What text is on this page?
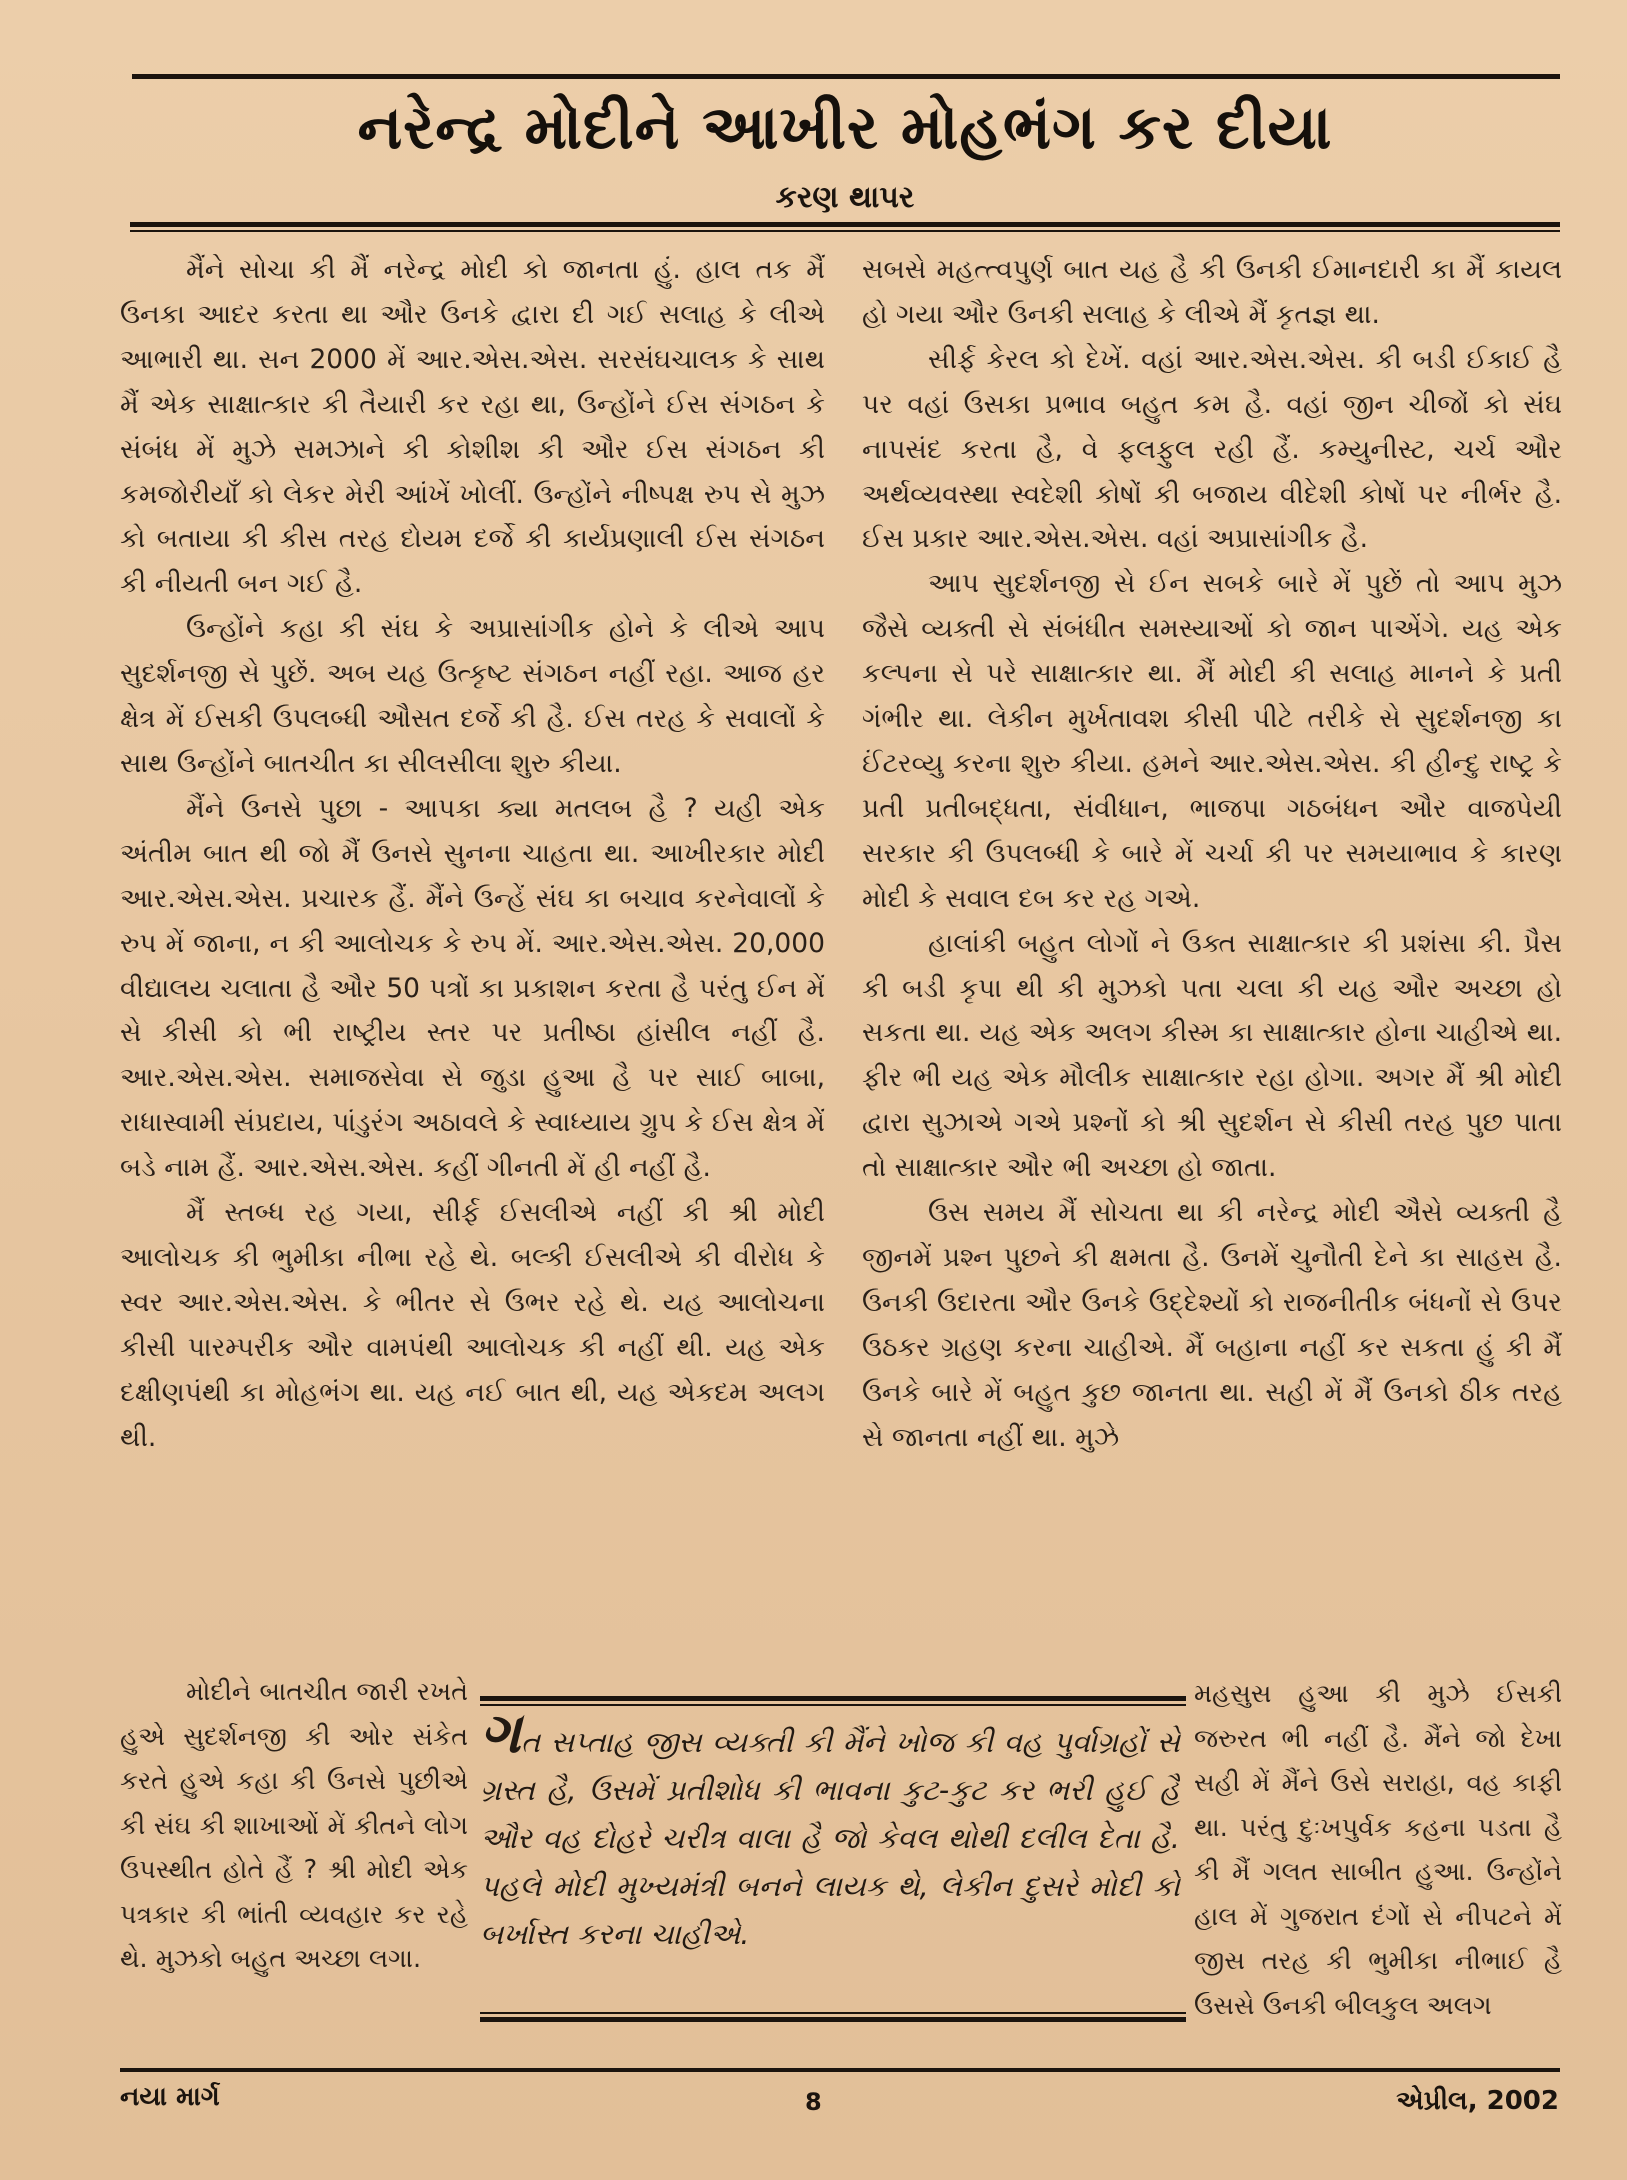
નરેન્દ્ર મોદીને આખીર મોહભંગ કર દીયા
કરણ થાપર

મૈંને સોચા કી મૈં નરેન્દ્ર મોદી કો જાનતા હું. હાલ તક મૈં ઉનકા આદર કરતા થા ઔર ઉનકે દ્વારા દી ગઈ સલાહ કે લીએ આભારી થા. સન 2000 મેં આર.એસ.એસ. સરસંઘચાલક કે સાથ મૈં એક સાક્ષાત્કાર કી તૈયારી કર રહા થા, ઉન્હોંને ઈસ સંગઠન કે સંબંધ મેં મુઝે સમઝાને કી કોશીશ કી ઔર ઈસ સંગઠન કી કમજોરીયાઁ કો લેકર મેરી આંખેં ખોલીં. ઉન્હોંને નીષ્પક્ષ રુપ સે મુઝ કો બતાયા કી કીસ તરહ દોયમ દર્જે કી કાર્યપ્રણાલી ઈસ સંગઠન કી નીયતી બન ગઈ હૈ.

ઉન્હોંને કહા કી સંઘ કે અપ્રાસાંગીક હોને કે લીએ આપ સુદર્શનજી સે પુછેં. અબ યહ ઉત્કૃષ્ટ સંગઠન નહીં રહા. આજ હર ક્ષેત્ર મેં ઈસકી ઉપલબ્ધી ઔસત દર્જે કી હૈ. ઈસ તરહ કે સવાલોં કે સાથ ઉન્હોંને બાતચીત કા સીલસીલા શુરુ કીયા.

મૈંને ઉનસે પુછા - આપકા ક્યા મતલબ હૈ ? યહી એક અંતીમ બાત થી જો મૈં ઉનસે સુનના ચાહતા થા. આખીરકાર મોદી આર.એસ.એસ. પ્રચારક હૈં. મૈંને ઉન્હેં સંઘ કા બચાવ કરનેવાલોં કે રુપ મેં જાના, ન કી આલોચક કે રુપ મેં. આર.એસ.એસ. 20,000 વીદ્યાલય ચલાતા હૈ ઔર 50 પત્રોં કા પ્રકાશન કરતા હૈ પરંતુ ઈન મેં સે કીસી કો ભી રાષ્ટ્રીય સ્તર પર પ્રતીષ્ઠા હાંસીલ નહીં હૈ. આર.એસ.એસ. સમાજસેવા સે જુડા હુઆ હૈ પર સાઈ બાબા, રાધાસ્વામી સંપ્રદાય, પાંડુરંગ અઠાવલે કે સ્વાધ્યાય ગ્રુપ કે ઈસ ક્ષેત્ર મેં બડે નામ હૈં. આર.એસ.એસ. કહીં ગીનતી મેં હી નહીં હૈ.

મૈં સ્તબ્ધ રહ ગયા, સીર્ફ ઈસલીએ નહીં કી શ્રી મોદી આલોચક કી ભુમીકા નીભા રહે થે. બલ્કી ઈસલીએ કી વીરોધ કે સ્વર આર.એસ.એસ. કે ભીતર સે ઉભર રહે થે. યહ આલોચના કીસી પારમ્પરીક ઔર વામપંથી આલોચક કી નહીં થી. યહ એક દક્ષીણપંથી કા મોહભંગ થા. યહ નઈ બાત થી, યહ એકદમ અલગ થી.

સબસે મહત્ત્વપુર્ણ બાત યહ હૈ કી ઉનકી ઈમાનદારી કા મૈં કાયલ હો ગયા ઔર ઉનકી સલાહ કે લીએ મૈં કૃતજ્ઞ થા.

સીર્ફ કેરલ કો દેખેં. વહાં આર.એસ.એસ. કી બડી ઈકાઈ હૈ પર વહાં ઉસકા પ્રભાવ બહુત કમ હૈ. વહાં જીન ચીજોં કો સંઘ નાપસંદ કરતા હૈ, વે ફલફુલ રહી હૈં. કમ્યુનીસ્ટ, ચર્ચ ઔર અર્થવ્યવસ્થા સ્વદેશી કોષોં કી બજાય વીદેશી કોષોં પર નીર્ભર હૈ. ઈસ પ્રકાર આર.એસ.એસ. વહાં અપ્રાસાંગીક હૈ.

આપ સુદર્શનજી સે ઈન સબકે બારે મેં પુછેં તો આપ મુઝ જૈસે વ્યક્તી સે સંબંધીત સમસ્યાઓં કો જાન પાએંગે. યહ એક કલ્પના સે પરે સાક્ષાત્કાર થા. મૈં મોદી કી સલાહ માનને કે પ્રતી ગંભીર થા. લેકીન મુર્ખતાવશ કીસી પીટે તરીકે સે સુદર્શનજી કા ઈંટરવ્યુ કરના શુરુ કીયા. હમને આર.એસ.એસ. કી હીન્દુ રાષ્ટ્ર કે પ્રતી પ્રતીબદ્ધતા, સંવીધાન, ભાજપા ગઠબંધન ઔર વાજપેયી સરકાર કી ઉપલબ્ધી કે બારે મેં ચર્ચા કી પર સમયાભાવ કે કારણ મોદી કે સવાલ દબ કર રહ ગએ.

હાલાંકી બહુત લોગોં ને ઉક્ત સાક્ષાત્કાર કી પ્રશંસા કી. પ્રૈસ કી બડી કૃપા થી કી મુઝકો પતા ચલા કી યહ ઔર અચ્છા હો સકતા થા. યહ એક અલગ કીસ્મ કા સાક્ષાત્કાર હોના ચાહીએ થા. ફીર ભી યહ એક મૌલીક સાક્ષાત્કાર રહા હોગા. અગર મૈં શ્રી મોદી દ્વારા સુઝાએ ગએ પ્રશ્નોં કો શ્રી સુદર્શન સે કીસી તરહ પુછ પાતા તો સાક્ષાત્કાર ઔર ભી અચ્છા હો જાતા.

ઉસ સમય મૈં સોચતા થા કી નરેન્દ્ર મોદી ઐસે વ્યક્તી હૈ જીનમેં પ્રશ્ન પુછને કી ક્ષમતા હૈ. ઉનમેં ચુનૌતી દેને કા સાહસ હૈ. ઉનકી ઉદારતા ઔર ઉનકે ઉદ્દેશ્યોં કો રાજનીતીક બંધનોં સે ઉપર ઉઠકર ગ્રહણ કરના ચાહીએ. મૈં બહાના નહીં કર સકતા હું કી મૈં ઉનકે બારે મેં બહુત કુછ જાનતા થા. સહી મેં મૈં ઉનકો ઠીક તરહ સે જાનતા નહીં થા. મુઝે

મોદીને બાતચીત જારી રખતે હુએ સુદર્શનજી કી ઓર સંકેત કરતે હુએ કહા કી ઉનસે પુછીએ કી સંઘ કી શાખાઓં મેં કીતને લોગ ઉપસ્થીત હોતે હૈં ? શ્રી મોદી એક પત્રકાર કી ભાંતી વ્યવહાર કર રહે થે. મુઝકો બહુત અચ્છા લગા.

ગત સપ્તાહ જીસ વ્યક્તી કી મૈંને ખોજ કી વહ પુર્વાગ્રહોં સે ગ્રસ્ત હૈ, ઉસમેં પ્રતીશોધ કી ભાવના કુટ-કુટ કર ભરી હુઈ હૈ ઔર વહ દોહરે ચરીત્ર વાલા હૈ જો કેવલ થોથી દલીલ દેતા હૈ. પહલે મોદી મુખ્યમંત્રી બનને લાયક થે, લેકીન દુસરે મોદી કો બર્ખાસ્ત કરના ચાહીએ.

મહસુસ હુઆ કી મુઝે ઈસકી જરુરત ભી નહીં હૈ. મૈંને જો દેખા સહી મેં મૈંને ઉસે સરાહા, વહ કાફી થા. પરંતુ દુઃખપુર્વક કહના પડતા હૈ કી મૈં ગલત સાબીત હુઆ. ઉન્હોંને હાલ મેં ગુજરાત દંગોં સે નીપટને મેં જીસ તરહ કી ભુમીકા નીભાઈ હૈ ઉસસે ઉનકી બીલકુલ અલગ

નયા માર્ગ	8	એપ્રીલ, 2002
